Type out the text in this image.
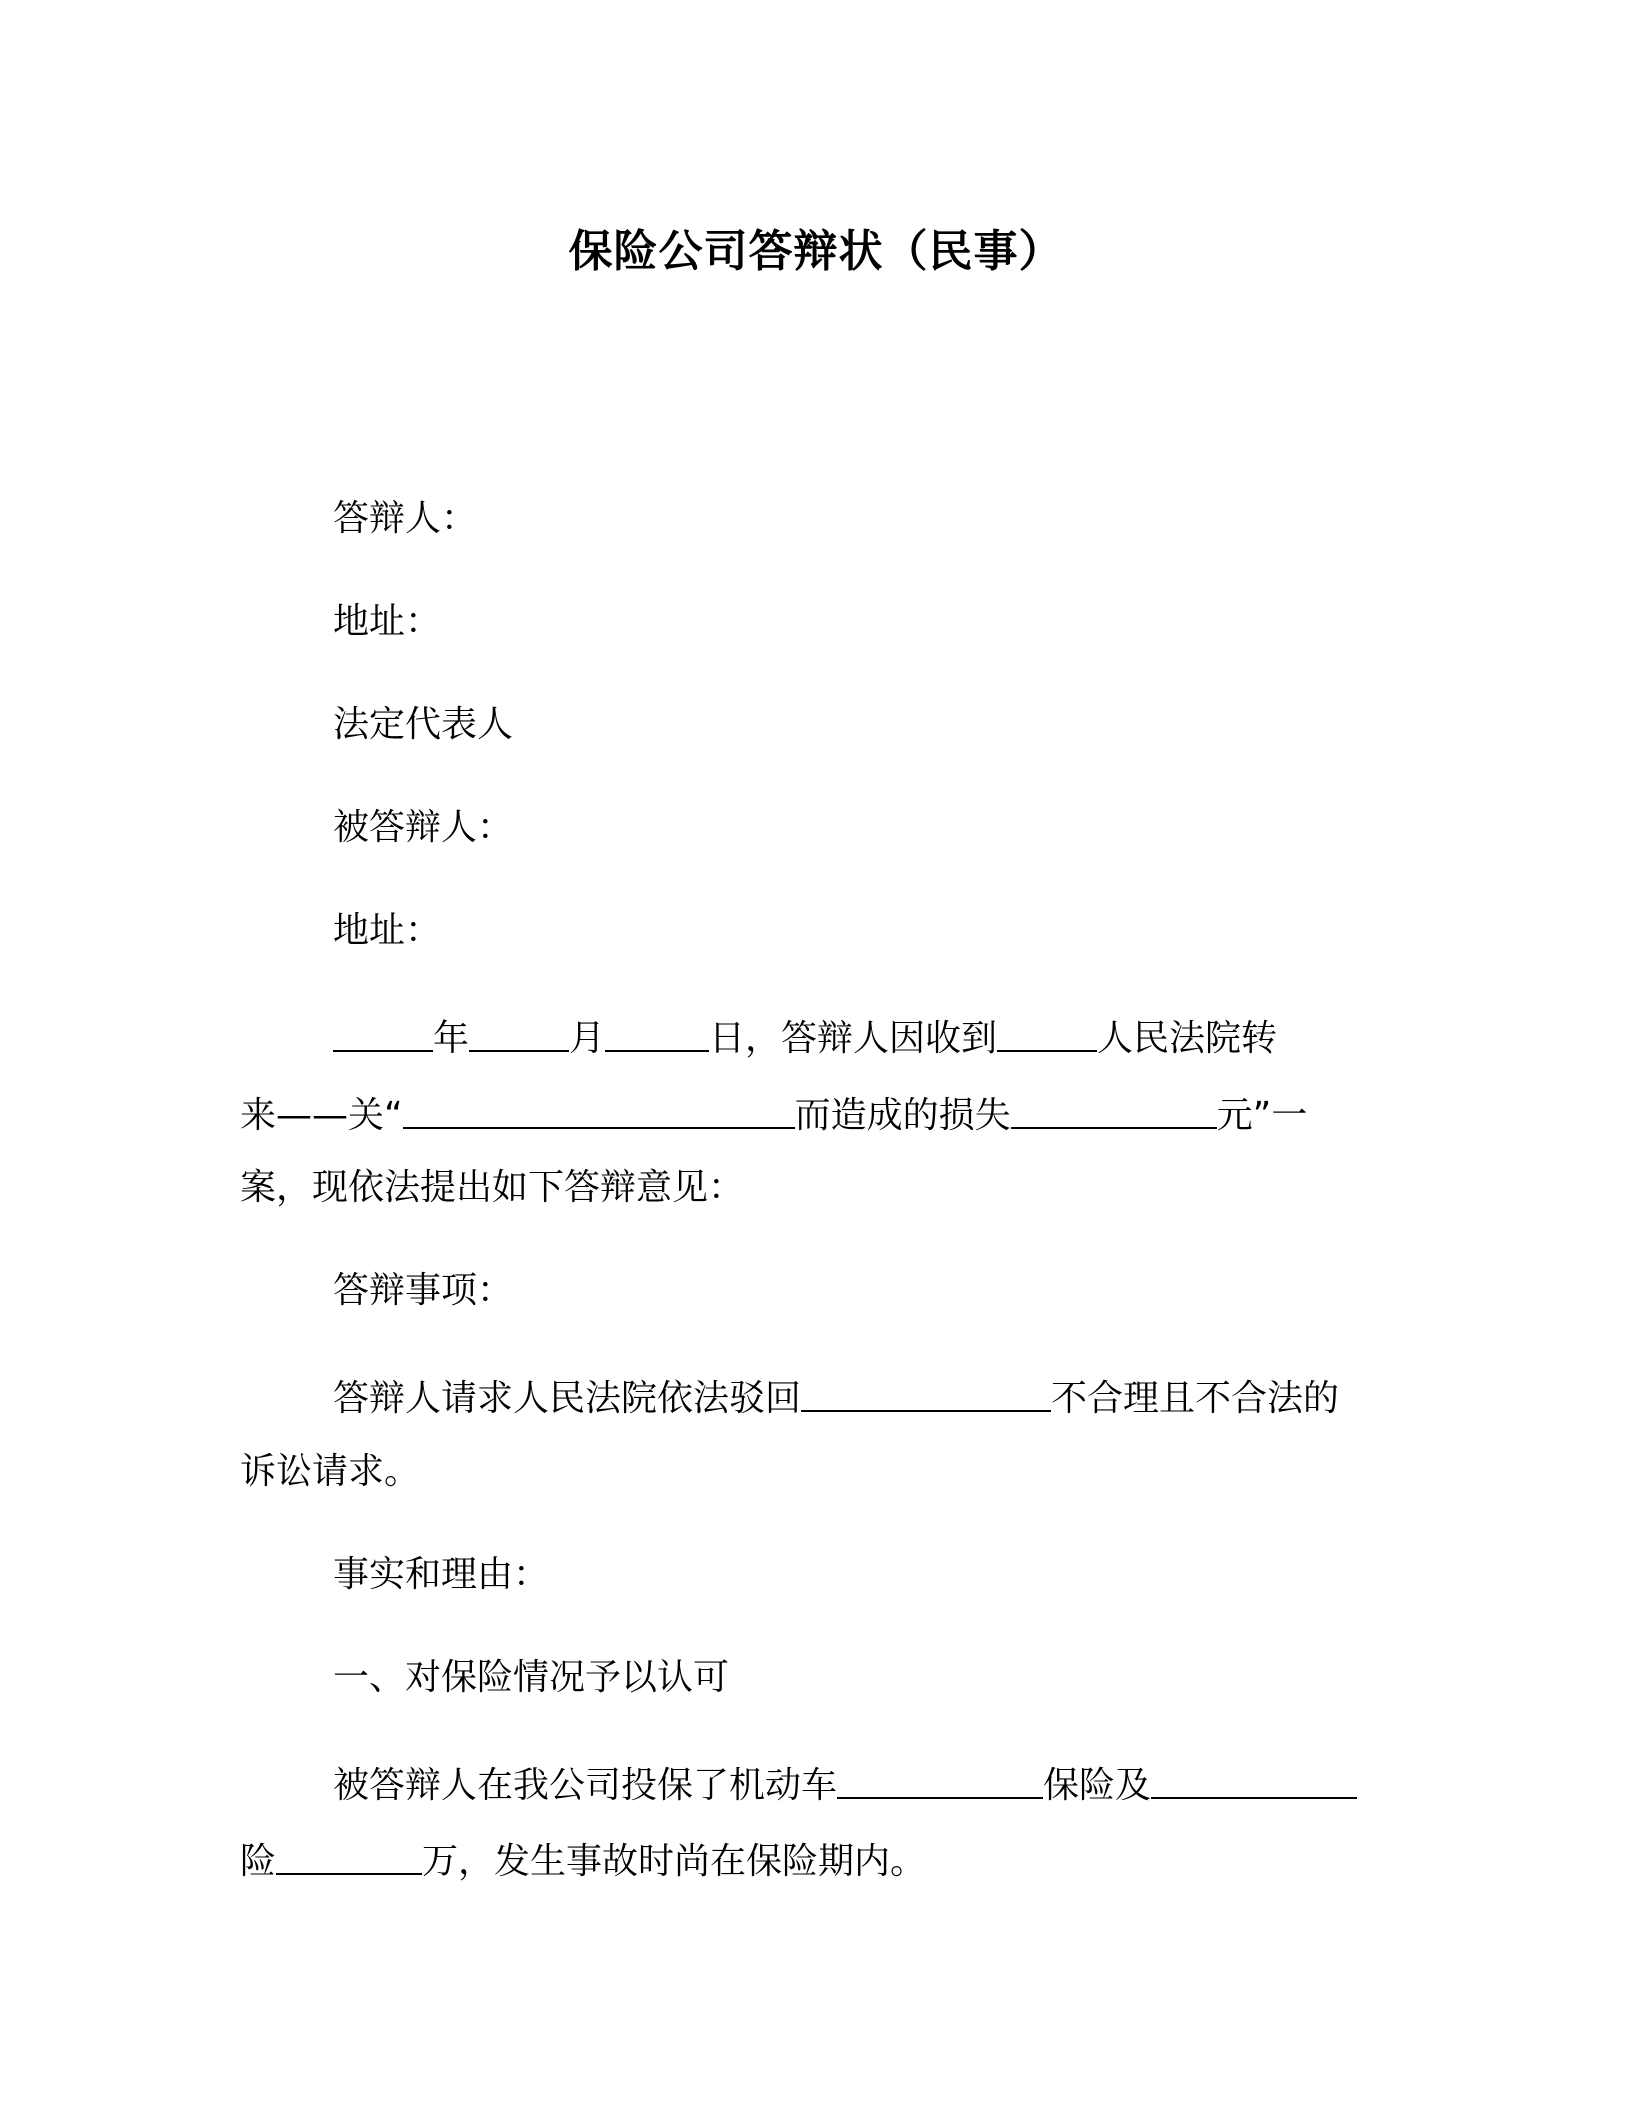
保险公司答辩状（民事）
答辩人：
地址：
法定代表人
被答辩人：
地址：
年	月	日，答辩人因收到	人民法院转
来——关“	而造成的损失	元”一
案，现依法提出如下答辩意见：
答辩事项：
答辩人请求人民法院依法驳回	不合理且不合法的
诉讼请求。
事实和理由：
一、对保险情况予以认可
被答辩人在我公司投保了机动车	保险及
险	万，发生事故时尚在保险期内。
